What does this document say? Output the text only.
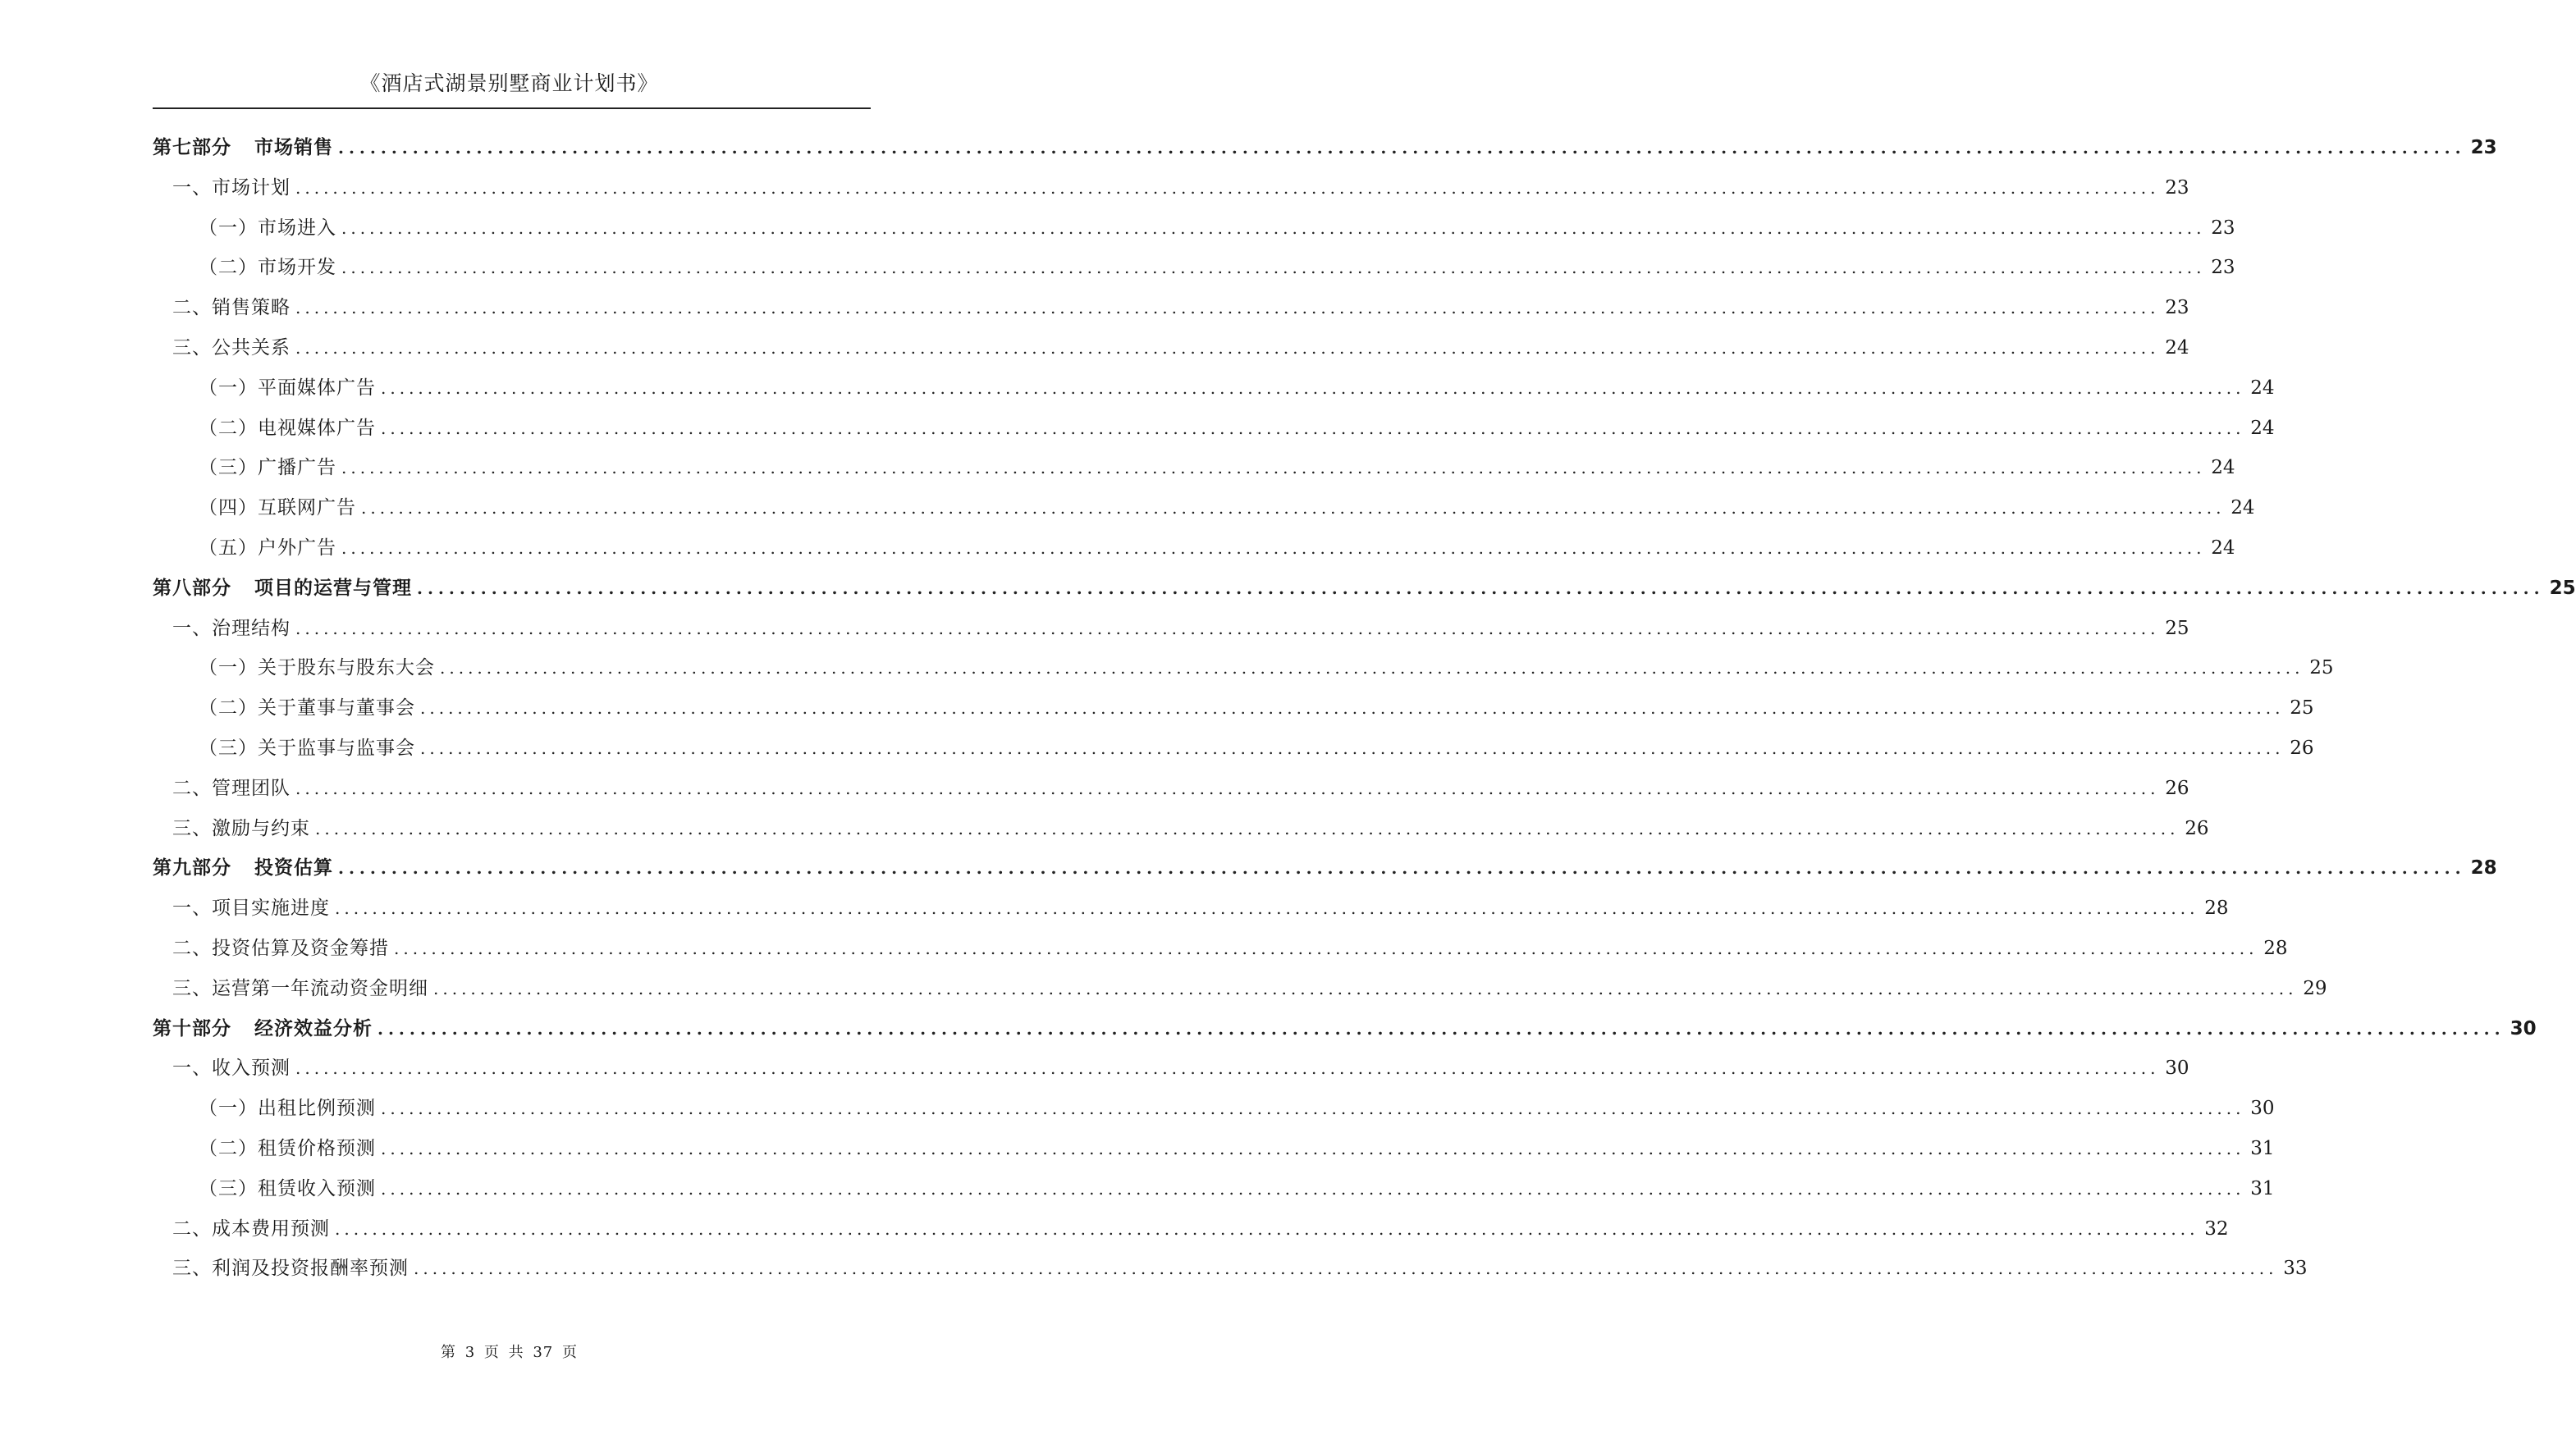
《酒店式湖景别墅商业计划书》
第七部分 市场销售 ........................................................................................................................................................................................................ 23
一、市场计划 ........................................................................................................................................................................................................ 23
（一）市场进入 ........................................................................................................................................................................................................ 23
（二）市场开发 ........................................................................................................................................................................................................ 23
二、销售策略 ........................................................................................................................................................................................................ 23
三、公共关系 ........................................................................................................................................................................................................ 24
（一）平面媒体广告 ........................................................................................................................................................................................................ 24
（二）电视媒体广告 ........................................................................................................................................................................................................ 24
（三）广播广告 ........................................................................................................................................................................................................ 24
（四）互联网广告 ........................................................................................................................................................................................................ 24
（五）户外广告 ........................................................................................................................................................................................................ 24
第八部分 项目的运营与管理 ........................................................................................................................................................................................................ 25
一、治理结构 ........................................................................................................................................................................................................ 25
（一）关于股东与股东大会 ........................................................................................................................................................................................................ 25
（二）关于董事与董事会 ........................................................................................................................................................................................................ 25
（三）关于监事与监事会 ........................................................................................................................................................................................................ 26
二、管理团队 ........................................................................................................................................................................................................ 26
三、激励与约束 ........................................................................................................................................................................................................ 26
第九部分 投资估算 ........................................................................................................................................................................................................ 28
一、项目实施进度 ........................................................................................................................................................................................................ 28
二、投资估算及资金筹措 ........................................................................................................................................................................................................ 28
三、运营第一年流动资金明细 ........................................................................................................................................................................................................ 29
第十部分 经济效益分析 ........................................................................................................................................................................................................ 30
一、收入预测 ........................................................................................................................................................................................................ 30
（一）出租比例预测 ........................................................................................................................................................................................................ 30
（二）租赁价格预测 ........................................................................................................................................................................................................ 31
（三）租赁收入预测 ........................................................................................................................................................................................................ 31
二、成本费用预测 ........................................................................................................................................................................................................ 32
三、利润及投资报酬率预测 ........................................................................................................................................................................................................ 33
第 3 页 共 37 页
